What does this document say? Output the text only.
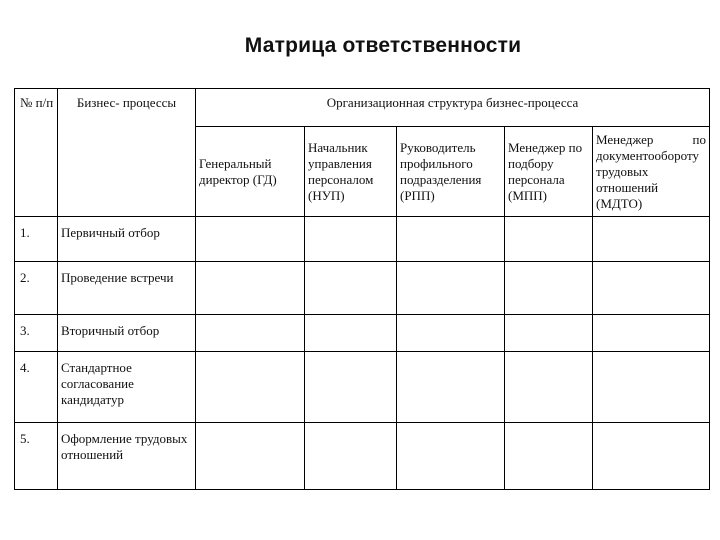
Матрица ответственности
№ п/п	Бизнес- процессы	Организационная структура бизнес-процесса				
		Генеральный директор (ГД)	Начальник управления персоналом (НУП)	Руководитель профильного подразделения (РПП)	Менеджер по подбору персонала (МПП)	Менеджер по документообороту трудовых отношений (МДТО)
1.	Первичный отбор					
2.	Проведение встречи					
3.	Вторичный отбор					
4.	Стандартное согласование кандидатур					
5.	Оформление трудовых отношений					
